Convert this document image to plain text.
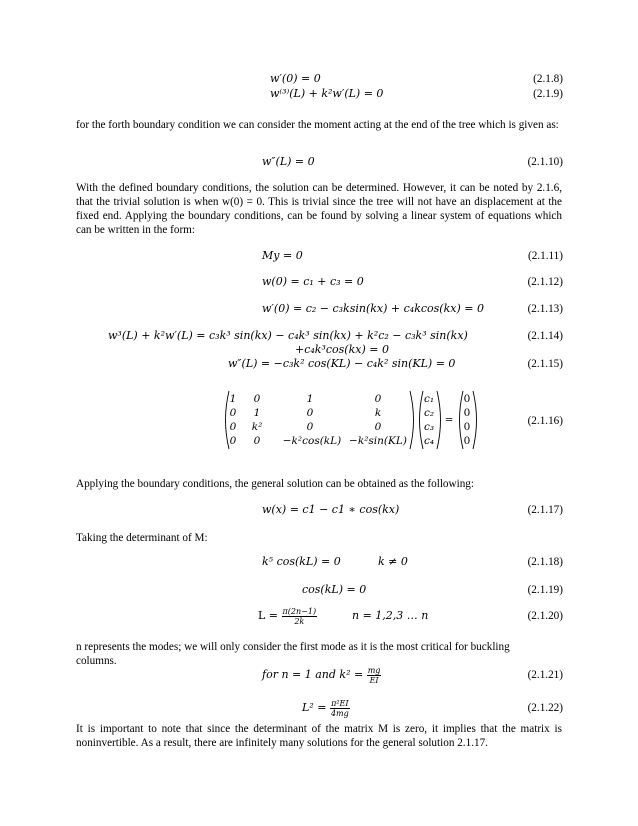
w′(0) = 0	(2.1.8)
w⁽³⁾(L) + k²w′(L) = 0	(2.1.9)
for the forth boundary condition we can consider the moment acting at the end of the tree which is given as:
w″(L) = 0	(2.1.10)
With the defined boundary conditions, the solution can be determined. However, it can be noted by 2.1.6, that the trivial solution is when w(0) = 0. This is trivial since the tree will not have an displacement at the fixed end. Applying the boundary conditions, can be found by solving a linear system of equations which can be written in the form:
My = 0	(2.1.11)
w(0) = c₁ + c₃ = 0	(2.1.12)
w′(0) = c₂ − c₃ksin(kx) + c₄kcos(kx) = 0	(2.1.13)
w³(L) + k²w′(L) = c₃k³ sin(kx) − c₄k³ sin(kx) + k²c₂ − c₃k³ sin(kx)	(2.1.14)
+c₄k³cos(kx) = 0
w″(L) = −c₃k² cos(KL) − c₄k² sin(KL) = 0	(2.1.15)
1	0	1	0
0	1	0	k
0 k²	0	0
0	0	−k²cos(kL) −k²sin(KL)
c₁
c₂
c₃
c₄
=
0
0
0
0
(2.1.16)
Applying the boundary conditions, the general solution can be obtained as the following:
w(x) = c1 − c1 ∗ cos(kx)	(2.1.17)
Taking the determinant of M:
k⁵ cos(kL) = 0	k ≠ 0	(2.1.18)
cos(kL) = 0	(2.1.19)
$L = \frac{\pi(2n-1)}{2k}$	n = 1,2,3 … n	(2.1.20)
n represents the modes; we will only consider the first mode as it is the most critical for buckling columns.
for n = 1 and $k^2 = \frac{mg}{EI}$	(2.1.21)
$L^2 = \frac{\text{π²EI}}{4mg}$	(2.1.22)
It is important to note that since the determinant of the matrix M is zero, it implies that the matrix is noninvertible. As a result, there are infinitely many solutions for the general solution 2.1.17.
